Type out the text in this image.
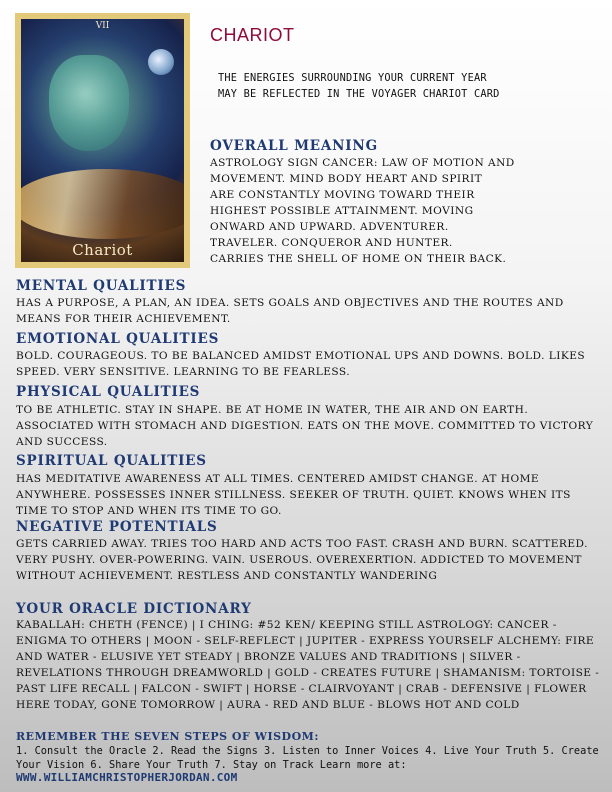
VII
Chariot
CHARIOT
THE ENERGIES SURROUNDING YOUR CURRENT YEAR
MAY BE REFLECTED IN THE VOYAGER CHARIOT CARD
OVERALL MEANING
ASTROLOGY SIGN CANCER: LAW OF MOTION AND
MOVEMENT. MIND BODY HEART AND SPIRIT
ARE CONSTANTLY MOVING TOWARD THEIR
HIGHEST POSSIBLE ATTAINMENT. MOVING
ONWARD AND UPWARD. ADVENTURER.
TRAVELER. CONQUEROR AND HUNTER.
CARRIES THE SHELL OF HOME ON THEIR BACK.
MENTAL QUALITIES

HAS A PURPOSE, A PLAN, AN IDEA. SETS GOALS AND OBJECTIVES AND THE ROUTES AND MEANS FOR THEIR ACHIEVEMENT.

EMOTIONAL QUALITIES

BOLD. COURAGEOUS. TO BE BALANCED AMIDST EMOTIONAL UPS AND DOWNS. BOLD. LIKES SPEED. VERY SENSITIVE. LEARNING TO BE FEARLESS.

PHYSICAL QUALITIES

TO BE ATHLETIC. STAY IN SHAPE. BE AT HOME IN WATER, THE AIR AND ON EARTH. ASSOCIATED WITH STOMACH AND DIGESTION. EATS ON THE MOVE. COMMITTED TO VICTORY AND SUCCESS.

SPIRITUAL QUALITIES

HAS MEDITATIVE AWARENESS AT ALL TIMES. CENTERED AMIDST CHANGE. AT HOME ANYWHERE. POSSESSES INNER STILLNESS. SEEKER OF TRUTH. QUIET. KNOWS WHEN ITS TIME TO STOP AND WHEN ITS TIME TO GO.

NEGATIVE POTENTIALS

GETS CARRIED AWAY. TRIES TOO HARD AND ACTS TOO FAST. CRASH AND BURN. SCATTERED. VERY PUSHY. OVER-POWERING. VAIN. USEROUS. OVEREXERTION. ADDICTED TO MOVEMENT WITHOUT ACHIEVEMENT. RESTLESS AND CONSTANTLY WANDERING

YOUR ORACLE DICTIONARY

KABALLAH: CHETH (FENCE) | I CHING: #52 KEN/ KEEPING STILL ASTROLOGY: CANCER - ENIGMA TO OTHERS | MOON - SELF-REFLECT | JUPITER - EXPRESS YOURSELF ALCHEMY: FIRE AND WATER - ELUSIVE YET STEADY | BRONZE VALUES AND TRADITIONS | SILVER - REVELATIONS THROUGH DREAMWORLD | GOLD - CREATES FUTURE | SHAMANISM: TORTOISE - PAST LIFE RECALL | FALCON - SWIFT | HORSE - CLAIRVOYANT | CRAB - DEFENSIVE | FLOWER HERE TODAY, GONE TOMORROW | AURA - RED AND BLUE - BLOWS HOT AND COLD

REMEMBER THE SEVEN STEPS OF WISDOM:

1. Consult the Oracle 2. Read the Signs 3. Listen to Inner Voices 4. Live Your Truth 5. Create Your Vision 6. Share Your Truth 7. Stay on Track Learn more at:

WWW.WILLIAMCHRISTOPHERJORDAN.COM
